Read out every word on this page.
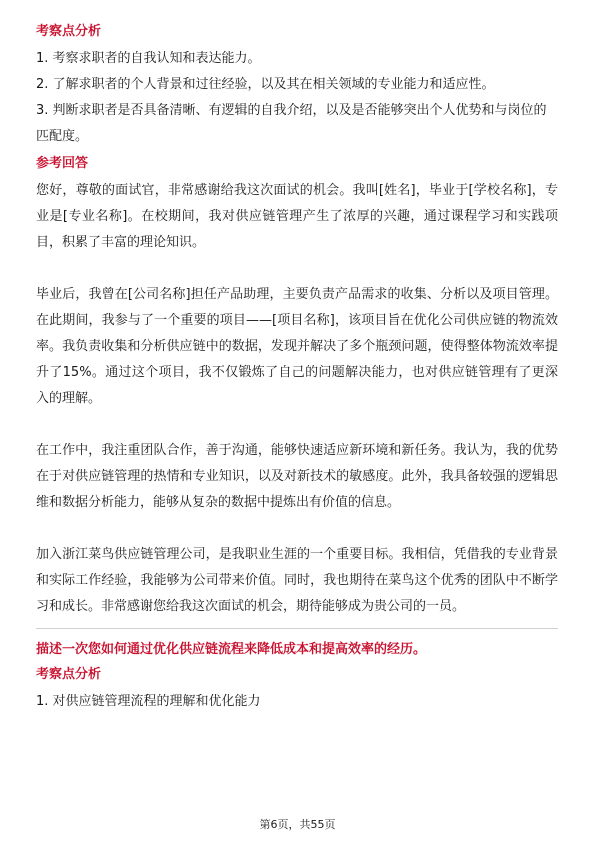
考察点分析

1. 考察求职者的自我认知和表达能力。

2. 了解求职者的个人背景和过往经验，以及其在相关领域的专业能力和适应性。

3. 判断求职者是否具备清晰、有逻辑的自我介绍，以及是否能够突出个人优势和与岗位的匹配度。

参考回答

您好，尊敬的面试官，非常感谢给我这次面试的机会。我叫[姓名]，毕业于[学校名称]，专业是[专业名称]。在校期间，我对供应链管理产生了浓厚的兴趣，通过课程学习和实践项目，积累了丰富的理论知识。

毕业后，我曾在[公司名称]担任产品助理，主要负责产品需求的收集、分析以及项目管理。在此期间，我参与了一个重要的项目——[项目名称]，该项目旨在优化公司供应链的物流效率。我负责收集和分析供应链中的数据，发现并解决了多个瓶颈问题，使得整体物流效率提升了15%。通过这个项目，我不仅锻炼了自己的问题解决能力，也对供应链管理有了更深入的理解。

在工作中，我注重团队合作，善于沟通，能够快速适应新环境和新任务。我认为，我的优势在于对供应链管理的热情和专业知识，以及对新技术的敏感度。此外，我具备较强的逻辑思维和数据分析能力，能够从复杂的数据中提炼出有价值的信息。

加入浙江菜鸟供应链管理公司，是我职业生涯的一个重要目标。我相信，凭借我的专业背景和实际工作经验，我能够为公司带来价值。同时，我也期待在菜鸟这个优秀的团队中不断学习和成长。非常感谢您给我这次面试的机会，期待能够成为贵公司的一员。

描述一次您如何通过优化供应链流程来降低成本和提高效率的经历。

考察点分析

1. 对供应链管理流程的理解和优化能力

第6页，共55页
